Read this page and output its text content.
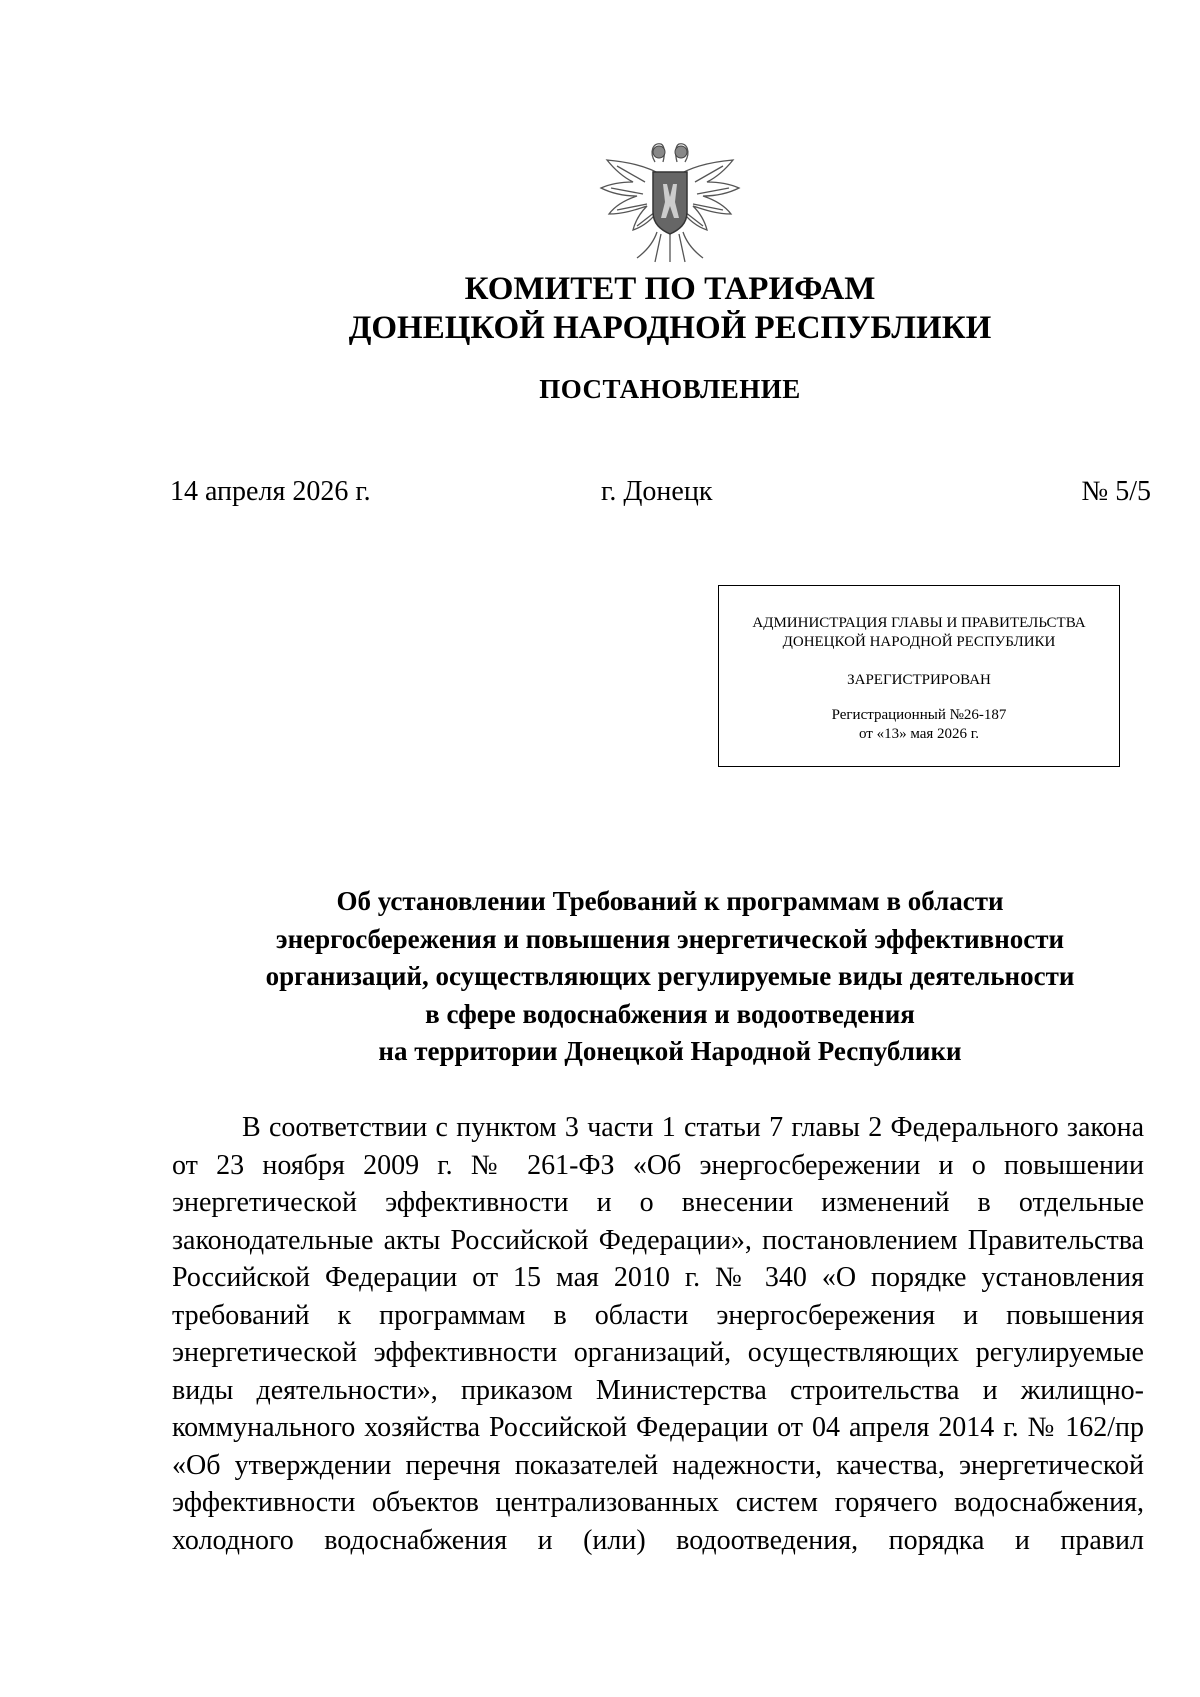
КОМИТЕТ ПО ТАРИФАМ
ДОНЕЦКОЙ НАРОДНОЙ РЕСПУБЛИКИ
ПОСТАНОВЛЕНИЕ
14 апреля 2026 г.	г. Донецк	№ 5/5
АДМИНИСТРАЦИЯ ГЛАВЫ И ПРАВИТЕЛЬСТВА
ДОНЕЦКОЙ НАРОДНОЙ РЕСПУБЛИКИ
ЗАРЕГИСТРИРОВАН
Регистрационный №26-187
от «13» мая 2026 г.
Об установлении Требований к программам в области
энергосбережения и повышения энергетической эффективности
организаций, осуществляющих регулируемые виды деятельности
в сфере водоснабжения и водоотведения
на территории Донецкой Народной Республики
В соответствии с пунктом 3 части 1 статьи 7 главы 2 Федерального закона
от 23 ноября 2009 г. № 261-ФЗ «Об энергосбережении и о повышении
энергетической эффективности и о внесении изменений в отдельные
законодательные акты Российской Федерации», постановлением Правительства
Российской Федерации от 15 мая 2010 г. № 340 «О порядке установления
требований к программам в области энергосбережения и повышения
энергетической эффективности организаций, осуществляющих регулируемые
виды деятельности», приказом Министерства строительства и жилищно-
коммунального хозяйства Российской Федерации от 04 апреля 2014 г. № 162/пр
«Об утверждении перечня показателей надежности, качества, энергетической
эффективности объектов централизованных систем горячего водоснабжения,
холодного водоснабжения и (или) водоотведения, порядка и правил
